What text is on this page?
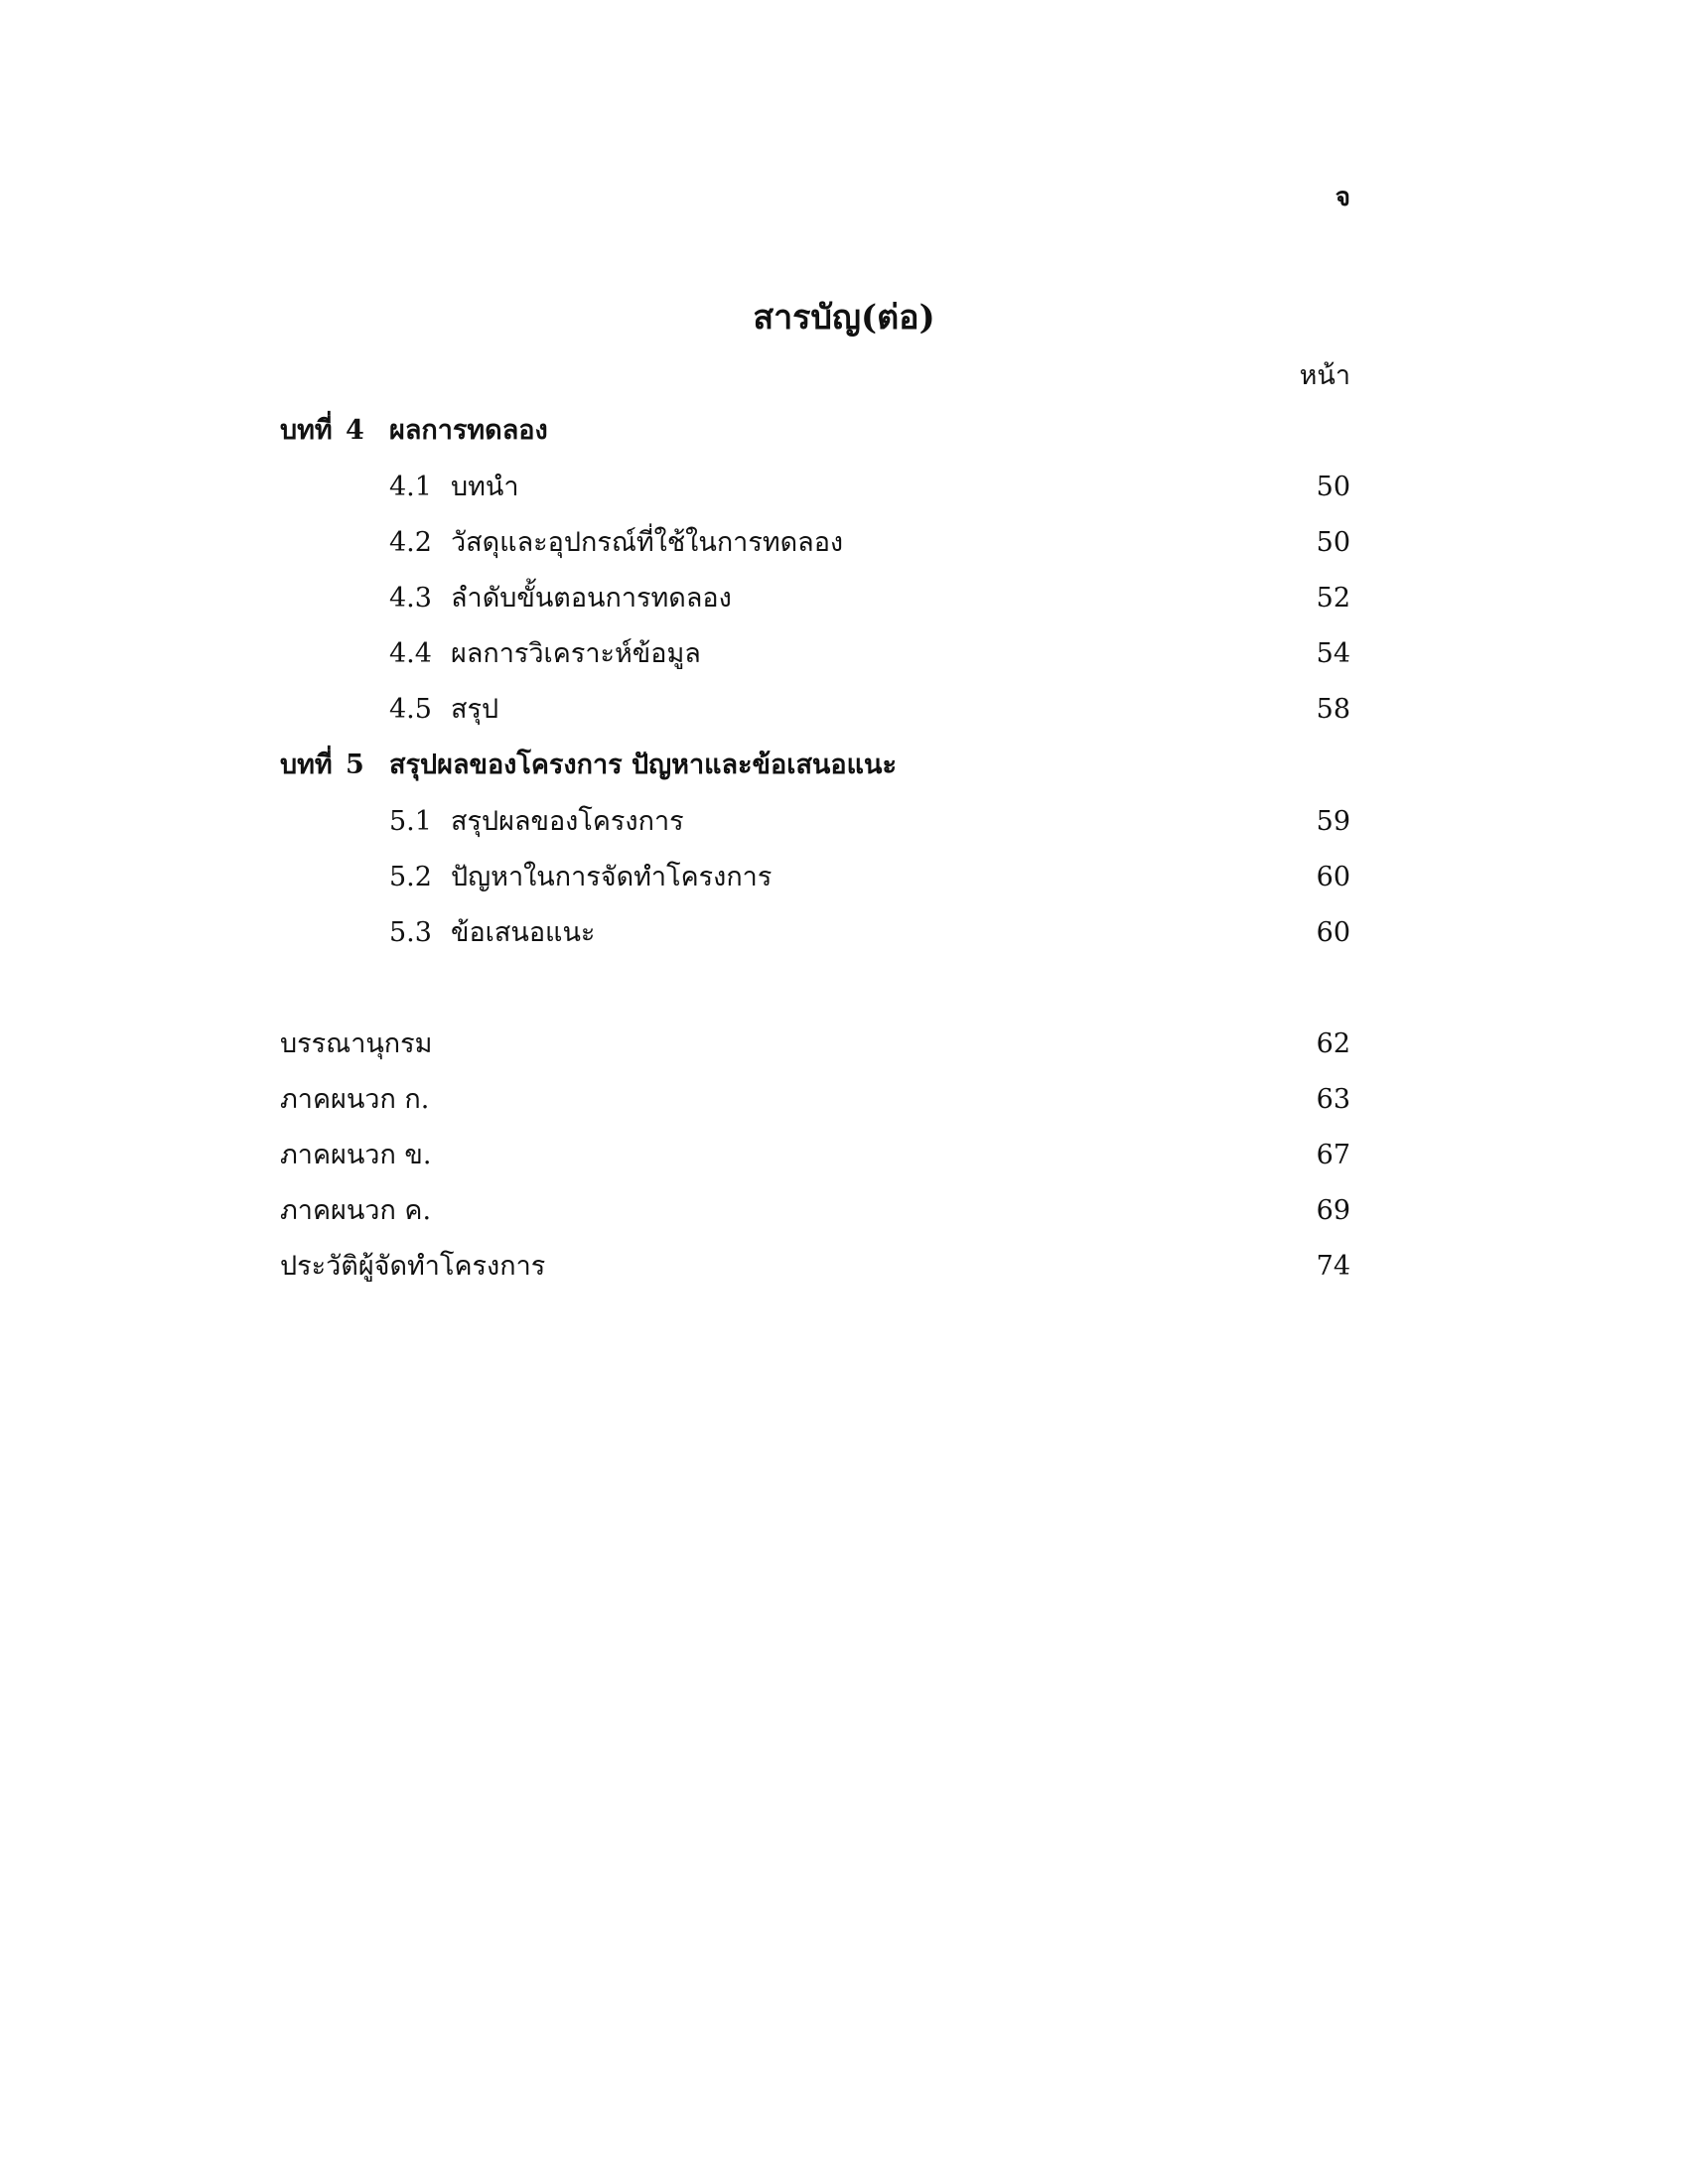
จ
สารบัญ(ต่อ)
หน้า
บทที่ 4 ผลการทดลอง
4.1 บทนำ	50
4.2 วัสดุและอุปกรณ์ที่ใช้ในการทดลอง	50
4.3 ลำดับขั้นตอนการทดลอง	52
4.4 ผลการวิเคราะห์ข้อมูล	54
4.5 สรุป	58
บทที่ 5 สรุปผลของโครงการ ปัญหาและข้อเสนอแนะ
5.1 สรุปผลของโครงการ	59
5.2 ปัญหาในการจัดทำโครงการ	60
5.3 ข้อเสนอแนะ	60
บรรณานุกรม	62
ภาคผนวก ก.	63
ภาคผนวก ข.	67
ภาคผนวก ค.	69
ประวัติผู้จัดทำโครงการ	74
